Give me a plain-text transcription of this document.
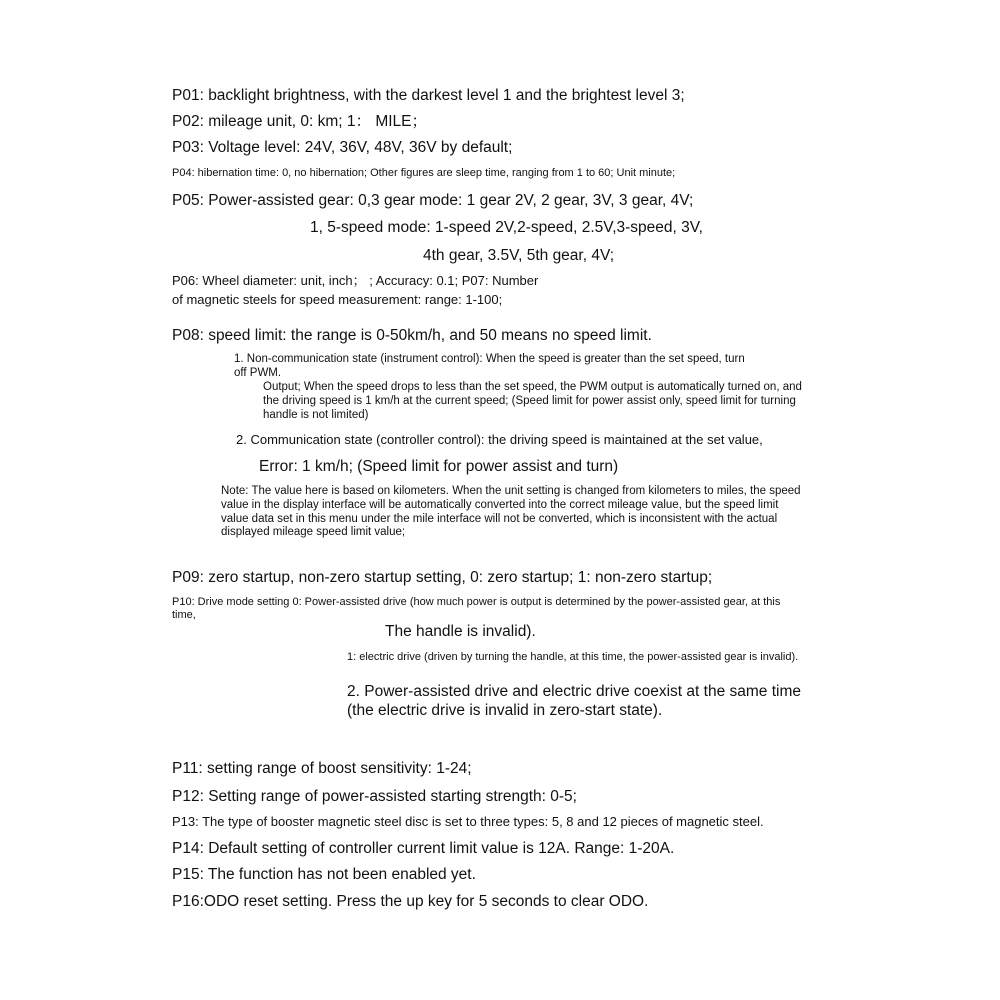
P01: backlight brightness, with the darkest level 1 and the brightest level 3;

P02: mileage unit, 0: km; 1： MILE；

P03: Voltage level: 24V, 36V, 48V, 36V by default;

P04: hibernation time: 0, no hibernation; Other figures are sleep time, ranging from 1 to 60; Unit minute;

P05: Power-assisted gear: 0,3 gear mode: 1 gear 2V, 2 gear, 3V, 3 gear, 4V;

1, 5-speed mode: 1-speed 2V,2-speed, 2.5V,3-speed, 3V,

4th gear, 3.5V, 5th gear, 4V;

P06: Wheel diameter: unit, inch； ; Accuracy: 0.1; P07: Number

of magnetic steels for speed measurement: range: 1-100;

P08: speed limit: the range is 0-50km/h, and 50 means no speed limit.

1. Non-communication state (instrument control): When the speed is greater than the set speed, turn

off PWM.

Output; When the speed drops to less than the set speed, the PWM output is automatically turned on, and the driving speed is 1 km/h at the current speed; (Speed limit for power assist only, speed limit for turning handle is not limited)

2. Communication state (controller control): the driving speed is maintained at the set value,

Error: 1 km/h; (Speed limit for power assist and turn)

Note: The value here is based on kilometers. When the unit setting is changed from kilometers to miles, the speed value in the display interface will be automatically converted into the correct mileage value, but the speed limit value data set in this menu under the mile interface will not be converted, which is inconsistent with the actual displayed mileage speed limit value;

P09: zero startup, non-zero startup setting, 0: zero startup; 1: non-zero startup;

P10: Drive mode setting 0: Power-assisted drive (how much power is output is determined by the power-assisted gear, at this

time,

The handle is invalid).

1: electric drive (driven by turning the handle, at this time, the power-assisted gear is invalid).

2. Power-assisted drive and electric drive coexist at the same time (the electric drive is invalid in zero-start state).

P11: setting range of boost sensitivity: 1-24;

P12: Setting range of power-assisted starting strength: 0-5;

P13: The type of booster magnetic steel disc is set to three types: 5, 8 and 12 pieces of magnetic steel.

P14: Default setting of controller current limit value is 12A. Range: 1-20A.

P15: The function has not been enabled yet.

P16:ODO reset setting. Press the up key for 5 seconds to clear ODO.
